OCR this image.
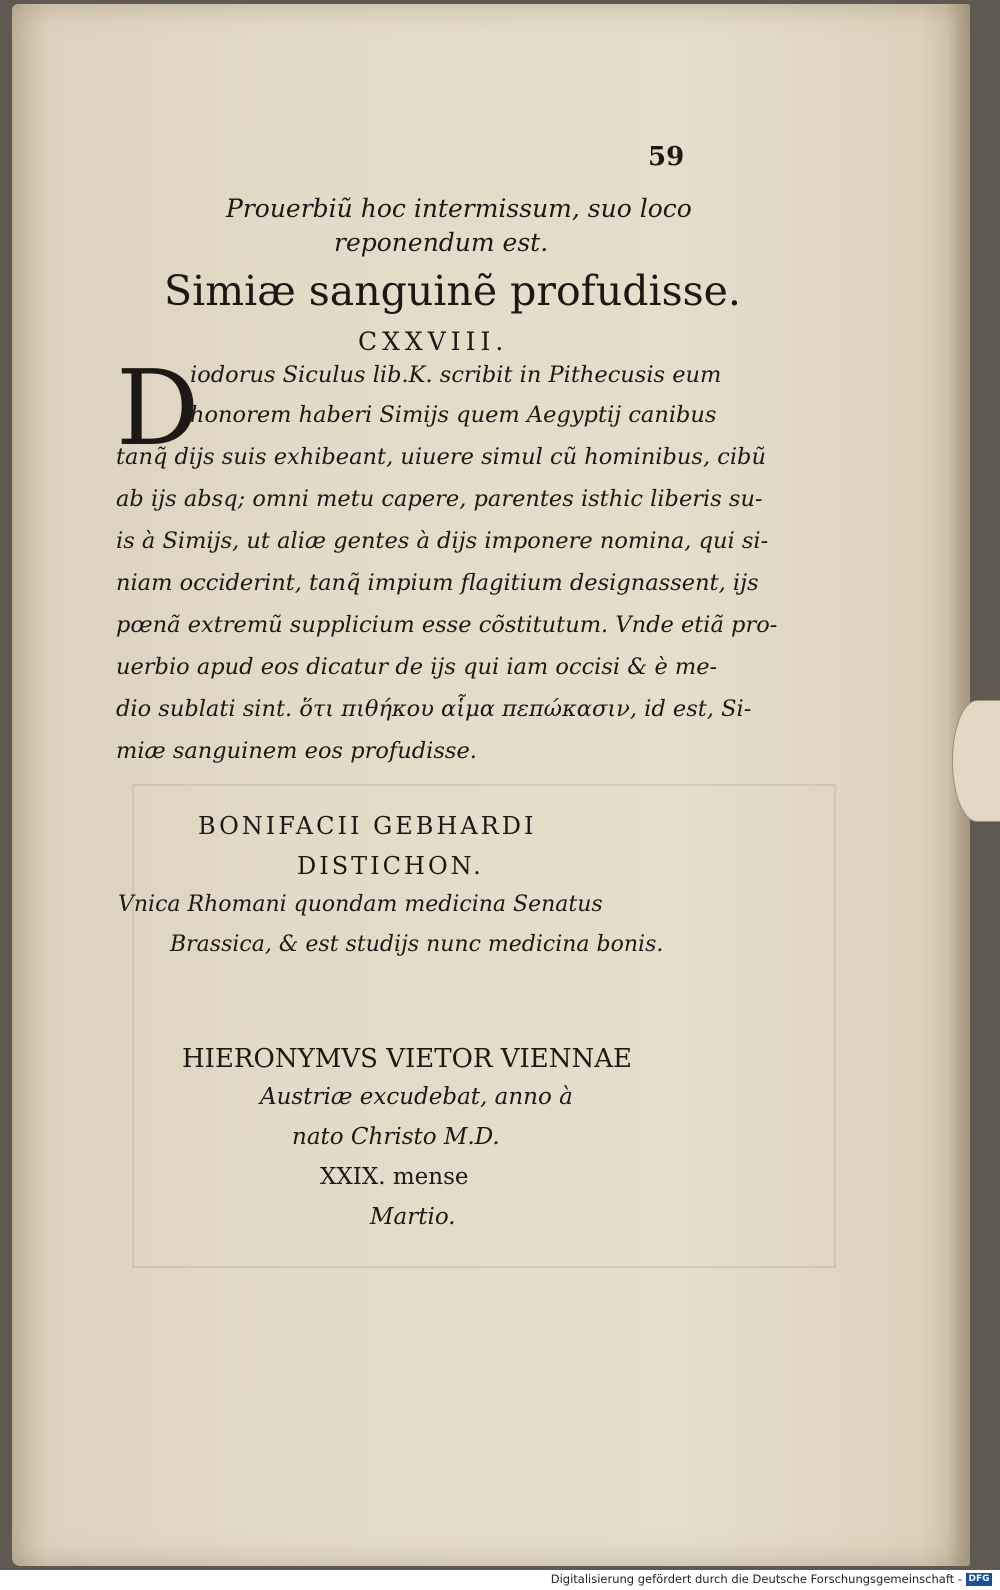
59
Prouerbiũ hoc intermissum, suo loco
reponendum est.
Simiæ sanguinẽ profudisse.
CXXVIII.
D
iodorus Siculus lib.K. scribit in Pithecusis eum
honorem haberi Simijs quem Aegyptij canibus
tanq̃ dijs suis exhibeant, uiuere simul cũ hominibus, cibũ
ab ijs absq; omni metu capere, parentes isthic liberis su-
is à Simijs, ut aliæ gentes à dijs imponere nomina, qui si-
niam occiderint, tanq̃ impium flagitium designassent, ijs
pœnã extremũ supplicium esse cõstitutum. Vnde etiã pro-
uerbio apud eos dicatur de ijs qui iam occisi & è me-
dio sublati sint. ὅτι πιθήκου αἷμα πεπώκασιν, id est, Si-
miæ sanguinem eos profudisse.
BONIFACII GEBHARDI
DISTICHON.
Vnica Rhomani quondam medicina Senatus
Brassica, & est studijs nunc medicina bonis.
HIERONYMVS VIETOR VIENNAE
Austriæ excudebat, anno à
nato Christo M.D.
XXIX. mense
Martio.
Digitalisierung gefördert durch die Deutsche Forschungsgemeinschaft - DFG
